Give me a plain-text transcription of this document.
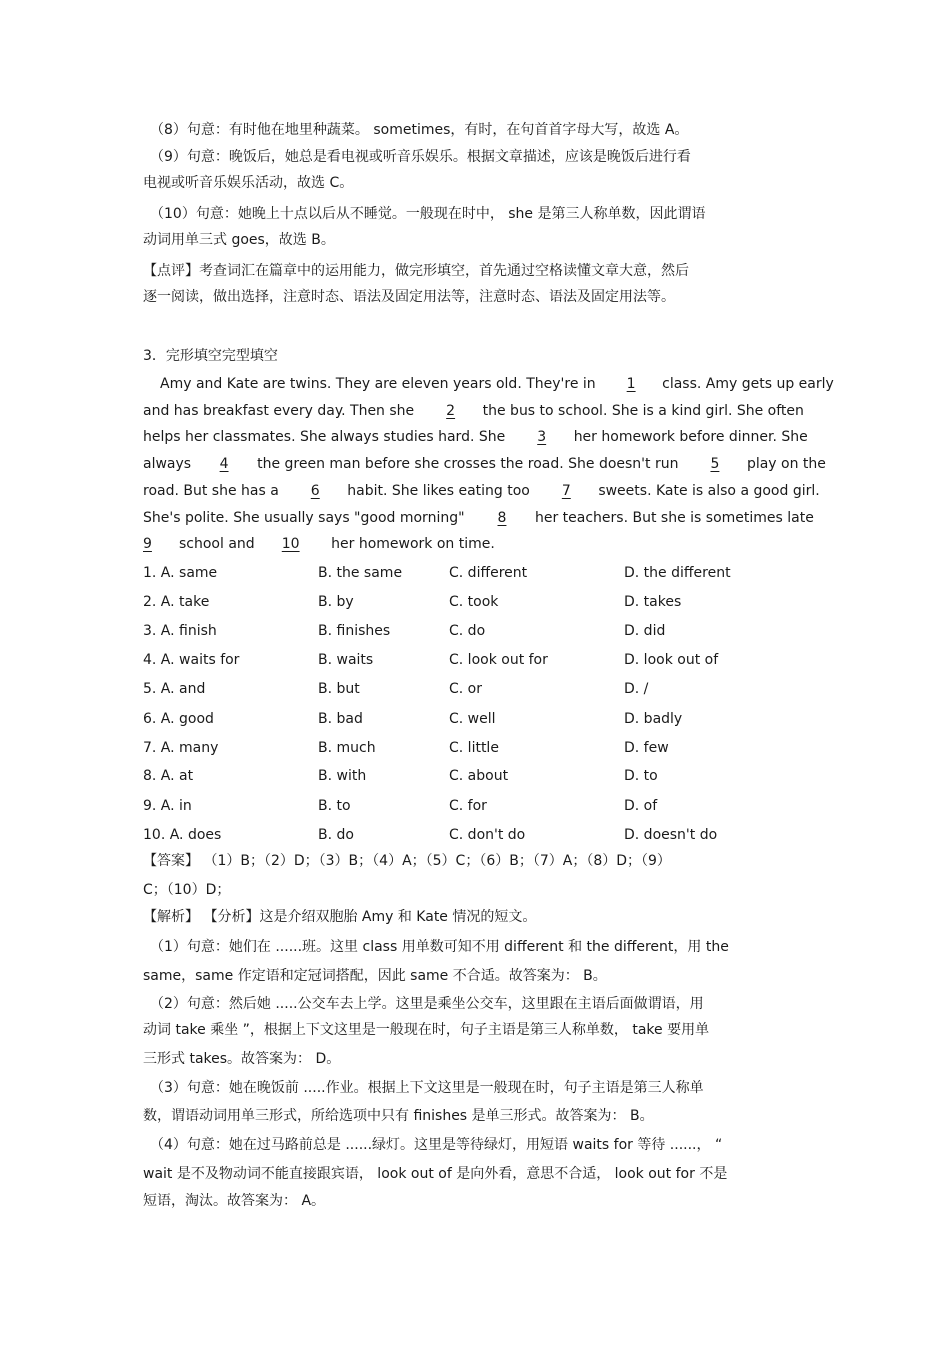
（8）句意：有时他在地里种蔬菜。 sometimes，有时，在句首首字母大写，故选 A。
（9）句意：晚饭后，她总是看电视或听音乐娱乐。根据文章描述，应该是晚饭后进行看
电视或听音乐娱乐活动，故选 C。
（10）句意：她晚上十点以后从不睡觉。一般现在时中， she 是第三人称单数，因此谓语
动词用单三式 goes，故选 B。
【点评】考查词汇在篇章中的运用能力，做完形填空，首先通过空格读懂文章大意，然后
逐一阅读，做出选择，注意时态、语法及固定用法等，注意时态、语法及固定用法等。
3．完形填空完型填空
Amy and Kate are twins. They are eleven years old. They're in 1 class. Amy gets up early
and has breakfast every day. Then she 2 the bus to school. She is a kind girl. She often
helps her classmates. She always studies hard. She 3 her homework before dinner. She
always 4 the green man before she crosses the road. She doesn't run 5 play on the
road. But she has a 6 habit. She likes eating too 7 sweets. Kate is also a good girl.
She's polite. She usually says "good morning" 8 her teachers. But she is sometimes late
9 school and 10 her homework on time.
1. A. same	B. the same	C. different	D. the different
2. A. take	B. by	C. took	D. takes
3. A. finish	B. finishes	C. do	D. did
4. A. waits for	B. waits	C. look out for	D. look out of
5. A. and	B. but	C. or	D. /
6. A. good	B. bad	C. well	D. badly
7. A. many	B. much	C. little	D. few
8. A. at	B. with	C. about	D. to
9. A. in	B. to	C. for	D. of
10. A. does	B. do	C. don't do	D. doesn't do
【答案】 （1）B；（2）D；（3）B；（4）A；（5）C；（6）B；（7）A；（8）D；（9）
C；（10）D；
【解析】 【分析】这是介绍双胞胎 Amy 和 Kate 情况的短文。
（1）句意：她们在 ......班。这里 class 用单数可知不用 different 和 the different，用 the
same，same 作定语和定冠词搭配，因此 same 不合适。故答案为： B。
（2）句意：然后她 .....公交车去上学。这里是乘坐公交车，这里跟在主语后面做谓语，用
动词 take 乘坐 ”，根据上下文这里是一般现在时，句子主语是第三人称单数， take 要用单
三形式 takes。故答案为： D。
（3）句意：她在晚饭前 .....作业。根据上下文这里是一般现在时，句子主语是第三人称单
数，谓语动词用单三形式，所给选项中只有 finishes 是单三形式。故答案为： B。
（4）句意：她在过马路前总是 ......绿灯。这里是等待绿灯，用短语 waits for 等待 ......， “
wait 是不及物动词不能直接跟宾语， look out of 是向外看，意思不合适， look out for 不是
短语，淘汰。故答案为： A。
